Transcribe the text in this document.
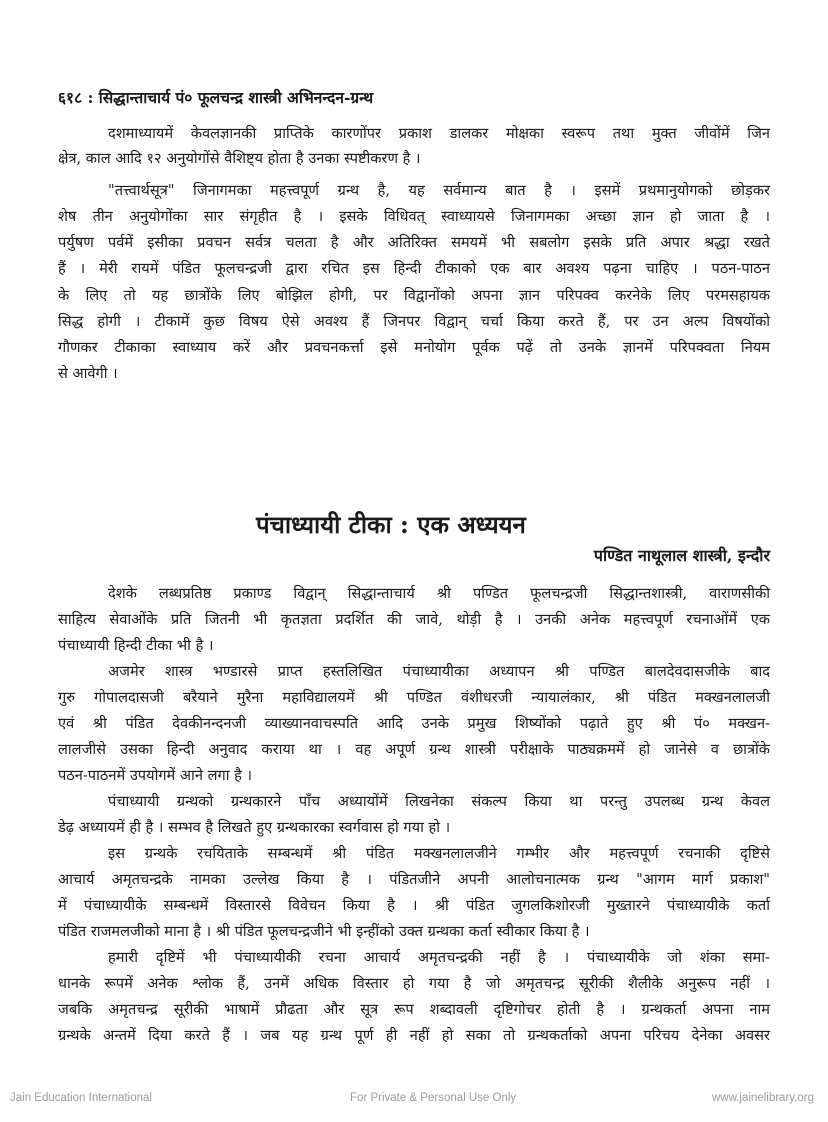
६१८ : सिद्धान्ताचार्य पं० फूलचन्द्र शास्त्री अभिनन्दन-ग्रन्थ
दशमाध्यायमें केवलज्ञानकी प्राप्तिके कारणोंपर प्रकाश डालकर मोक्षका स्वरूप तथा मुक्त जीवोंमें जिन
क्षेत्र, काल आदि १२ अनुयोगोंसे वैशिष्ट्य होता है उनका स्पष्टीकरण है ।
"तत्त्वार्थसूत्र" जिनागमका महत्त्वपूर्ण ग्रन्थ है, यह सर्वमान्य बात है । इसमें प्रथमानुयोगको छोड़कर
शेष तीन अनुयोगोंका सार संगृहीत है । इसके विधिवत् स्वाध्यायसे जिनागमका अच्छा ज्ञान हो जाता है ।
पर्युषण पर्वमें इसीका प्रवचन सर्वत्र चलता है और अतिरिक्त समयमें भी सबलोग इसके प्रति अपार श्रद्धा रखते
हैं । मेरी रायमें पंडित फूलचन्द्रजी द्वारा रचित इस हिन्दी टीकाको एक बार अवश्य पढ़ना चाहिए । पठन-पाठन
के लिए तो यह छात्रोंके लिए बोझिल होगी, पर विद्वानोंको अपना ज्ञान परिपक्व करनेके लिए परमसहायक
सिद्ध होगी । टीकामें कुछ विषय ऐसे अवश्य हैं जिनपर विद्वान् चर्चा किया करते हैं, पर उन अल्प विषयोंको
गौणकर टीकाका स्वाध्याय करें और प्रवचनकर्त्ता इसे मनोयोग पूर्वक पढ़ें तो उनके ज्ञानमें परिपक्वता नियम
से आवेगी ।
पंचाध्यायी टीका : एक अध्ययन
पण्डित नाथूलाल शास्त्री, इन्दौर
देशके लब्धप्रतिष्ठ प्रकाण्ड विद्वान् सिद्धान्ताचार्य श्री पण्डित फूलचन्द्रजी सिद्धान्तशास्त्री, वाराणसीकी
साहित्य सेवाओंके प्रति जितनी भी कृतज्ञता प्रदर्शित की जावे, थोड़ी है । उनकी अनेक महत्त्वपूर्ण रचनाओंमें एक
पंचाध्यायी हिन्दी टीका भी है ।
अजमेर शास्त्र भण्डारसे प्राप्त हस्तलिखित पंचाध्यायीका अध्यापन श्री पण्डित बालदेवदासजीके बाद
गुरु गोपालदासजी बरैयाने मुरैना महाविद्यालयमें श्री पण्डित वंशीधरजी न्यायालंकार, श्री पंडित मक्खनलालजी
एवं श्री पंडित देवकीनन्दनजी व्याख्यानवाचस्पति आदि उनके प्रमुख शिष्योंको पढ़ाते हुए श्री पं० मक्खन-
लालजीसे उसका हिन्दी अनुवाद कराया था । वह अपूर्ण ग्रन्थ शास्त्री परीक्षाके पाठ्यक्रममें हो जानेसे व छात्रोंके
पठन-पाठनमें उपयोगमें आने लगा है ।
पंचाध्यायी ग्रन्थको ग्रन्थकारने पाँच अध्यायोंमें लिखनेका संकल्प किया था परन्तु उपलब्ध ग्रन्थ केवल
डेढ़ अध्यायमें ही है । सम्भव है लिखते हुए ग्रन्थकारका स्वर्गवास हो गया हो ।
इस ग्रन्थके रचयिताके सम्बन्धमें श्री पंडित मक्खनलालजीने गम्भीर और महत्त्वपूर्ण रचनाकी दृष्टिसे
आचार्य अमृतचन्द्रके नामका उल्लेख किया है । पंडितजीने अपनी आलोचनात्मक ग्रन्थ "आगम मार्ग प्रकाश"
में पंचाध्यायीके सम्बन्धमें विस्तारसे विवेचन किया है । श्री पंडित जुगलकिशोरजी मुख्तारने पंचाध्यायीके कर्ता
पंडित राजमलजीको माना है । श्री पंडित फूलचन्द्रजीने भी इन्हींको उक्त ग्रन्थका कर्ता स्वीकार किया है ।
हमारी दृष्टिमें भी पंचाध्यायीकी रचना आचार्य अमृतचन्द्रकी नहीं है । पंचाध्यायीके जो शंका समा-
धानके रूपमें अनेक श्लोक हैं, उनमें अधिक विस्तार हो गया है जो अमृतचन्द्र सूरीकी शैलीके अनुरूप नहीं ।
जबकि अमृतचन्द्र सूरीकी भाषामें प्रौढता और सूत्र रूप शब्दावली दृष्टिगोचर होती है । ग्रन्थकर्ता अपना नाम
ग्रन्थके अन्तमें दिया करते हैं । जब यह ग्रन्थ पूर्ण ही नहीं हो सका तो ग्रन्थकर्ताको अपना परिचय देनेका अवसर
Jain Education International	For Private & Personal Use Only	www.jainelibrary.org
